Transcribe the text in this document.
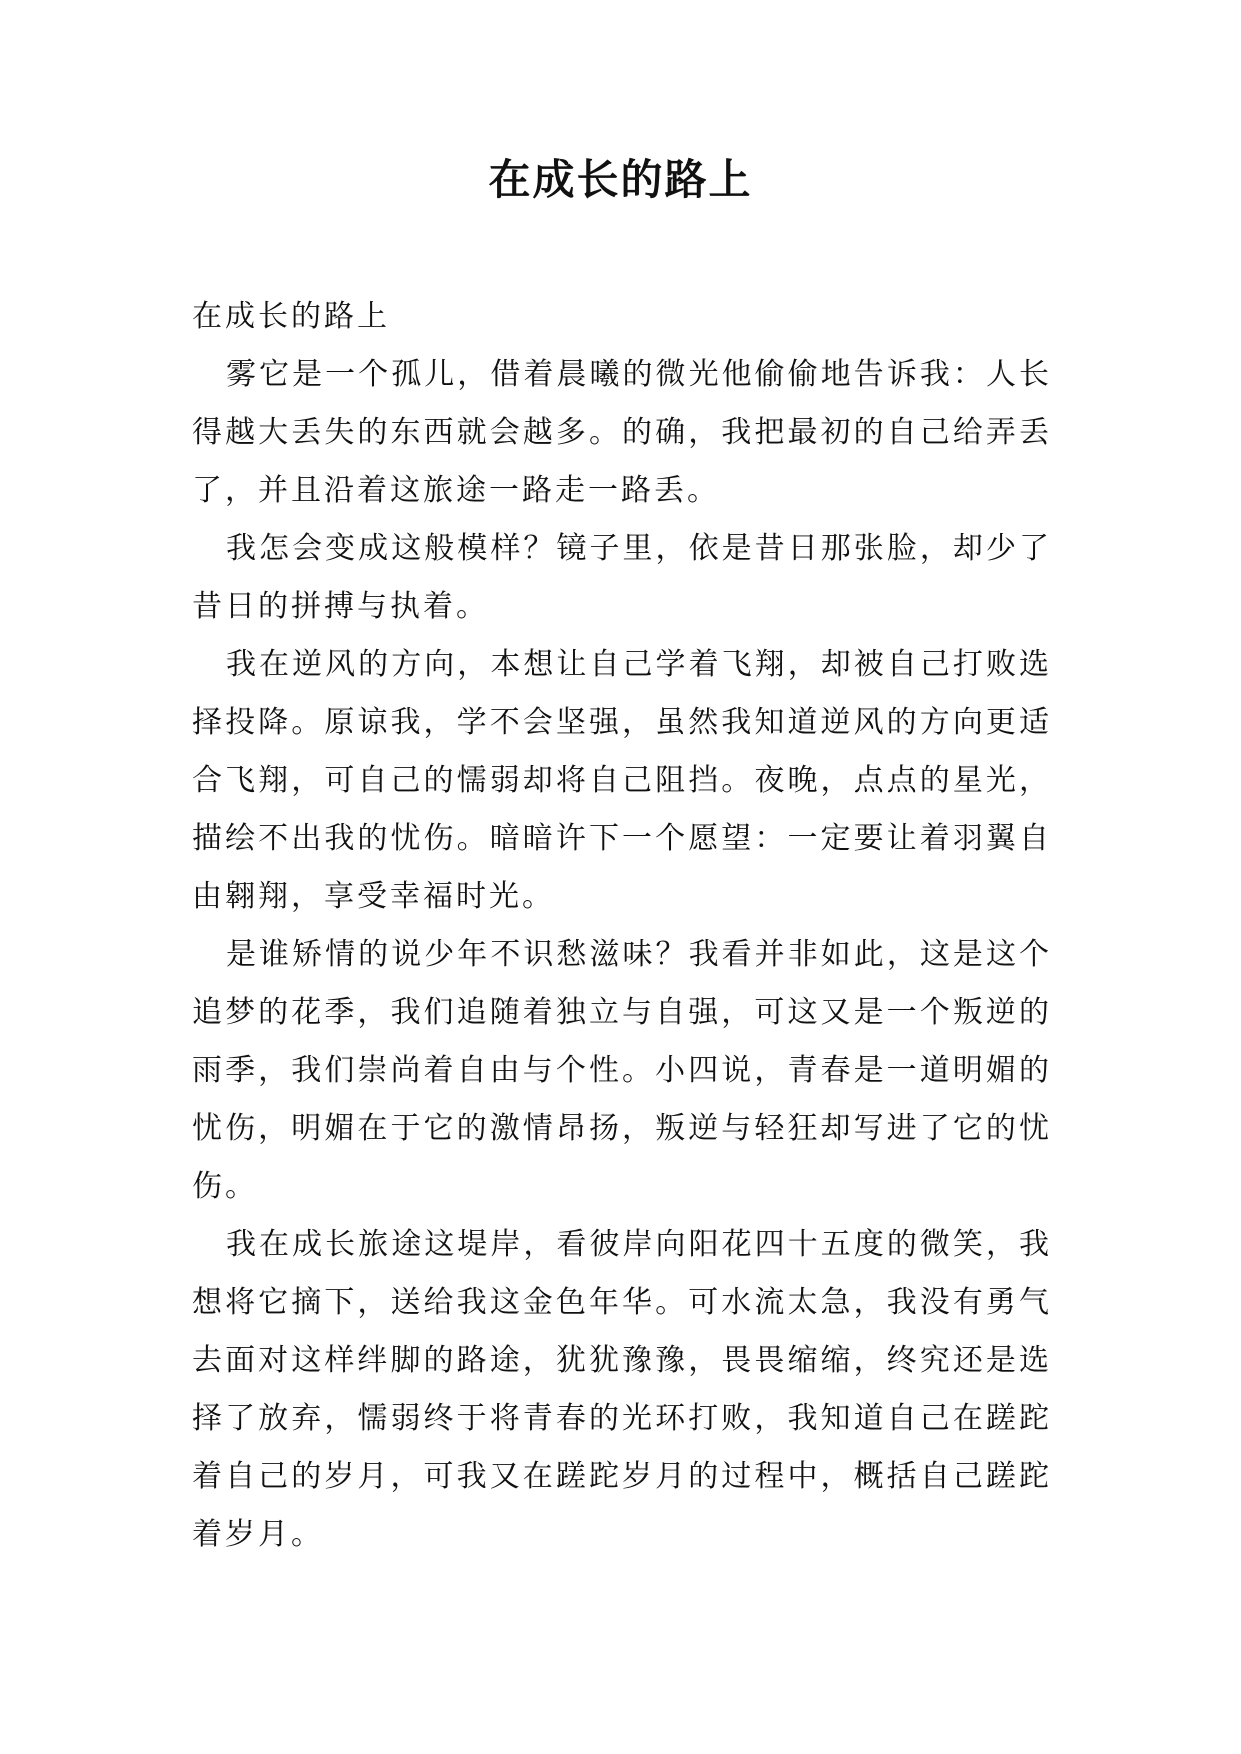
在成长的路上

在成长的路上

雾它是一个孤儿，借着晨曦的微光他偷偷地告诉我：人长得越大丢失的东西就会越多。的确，我把最初的自己给弄丢了，并且沿着这旅途一路走一路丢。

我怎会变成这般模样？镜子里，依是昔日那张脸，却少了昔日的拼搏与执着。

我在逆风的方向，本想让自己学着飞翔，却被自己打败选择投降。原谅我，学不会坚强，虽然我知道逆风的方向更适合飞翔，可自己的懦弱却将自己阻挡。夜晚，点点的星光，描绘不出我的忧伤。暗暗许下一个愿望：一定要让着羽翼自由翱翔，享受幸福时光。

是谁矫情的说少年不识愁滋味？我看并非如此，这是这个追梦的花季，我们追随着独立与自强，可这又是一个叛逆的雨季，我们崇尚着自由与个性。小四说，青春是一道明媚的忧伤，明媚在于它的激情昂扬，叛逆与轻狂却写进了它的忧伤。

我在成长旅途这堤岸，看彼岸向阳花四十五度的微笑，我想将它摘下，送给我这金色年华。可水流太急，我没有勇气去面对这样绊脚的路途，犹犹豫豫，畏畏缩缩，终究还是选择了放弃，懦弱终于将青春的光环打败，我知道自己在蹉跎着自己的岁月，可我又在蹉跎岁月的过程中，概括自己蹉跎着岁月。
